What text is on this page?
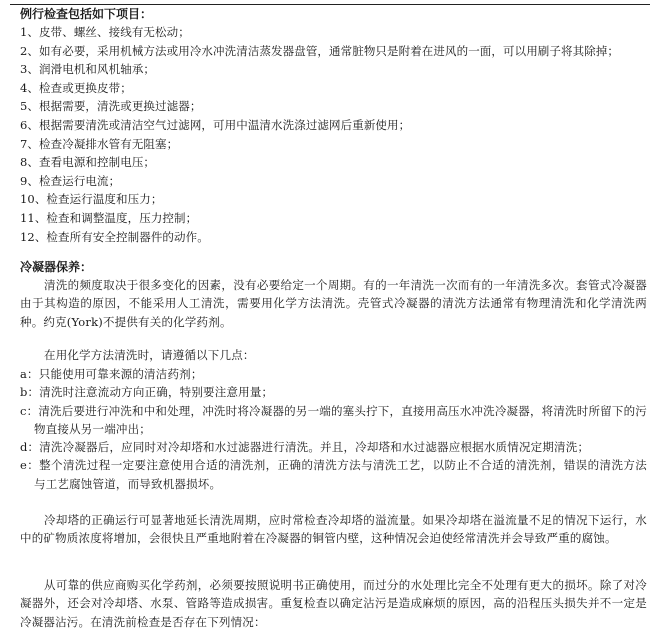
例行检查包括如下项目：

1、皮带、螺丝、接线有无松动；
2、如有必要，采用机械方法或用冷水冲洗清洁蒸发器盘管，通常脏物只是附着在进风的一面，可以用刷子将其除掉；
3、润滑电机和风机轴承；
4、检查或更换皮带；
5、根据需要，清洗或更换过滤器；
6、根据需要清洗或清洁空气过滤网，可用中温清水洗涤过滤网后重新使用；
7、检查冷凝排水管有无阻塞；
8、查看电源和控制电压；
9、检查运行电流；
10、检查运行温度和压力；
11、检查和调整温度，压力控制；
12、检查所有安全控制器件的动作。

冷凝器保养：

清洗的频度取决于很多变化的因素，没有必要给定一个周期。有的一年清洗一次而有的一年清洗多次。套管式冷凝器由于其构造的原因，不能采用人工清洗，需要用化学方法清洗。壳管式冷凝器的清洗方法通常有物理清洗和化学清洗两种。约克(York)不提供有关的化学药剂。

在用化学方法清洗时，请遵循以下几点：

a：只能使用可靠来源的清洁药剂；
b：清洗时注意流动方向正确，特别要注意用量；
c：清洗后要进行冲洗和中和处理，冲洗时将冷凝器的另一端的塞头拧下，直接用高压水冲洗冷凝器，将清洗时所留下的污物直接从另一端冲出；
d：清洗冷凝器后，应同时对冷却塔和水过滤器进行清洗。并且，冷却塔和水过滤器应根据水质情况定期清洗；
e：整个清洗过程一定要注意使用合适的清洗剂，正确的清洗方法与清洗工艺，以防止不合适的清洗剂，错误的清洗方法与工艺腐蚀管道，而导致机器损坏。

冷却塔的正确运行可显著地延长清洗周期，应时常检查冷却塔的溢流量。如果冷却塔在溢流量不足的情况下运行，水中的矿物质浓度将增加，会很快且严重地附着在冷凝器的铜管内壁，这种情况会迫使经常清洗并会导致严重的腐蚀。

从可靠的供应商购买化学药剂，必须要按照说明书正确使用，而过分的水处理比完全不处理有更大的损坏。除了对冷凝器外，还会对冷却塔、水泵、管路等造成损害。重复检查以确定沾污是造成麻烦的原因，高的沿程压头损失并不一定是冷凝器沾污。在清洗前检查是否存在下列情况：
